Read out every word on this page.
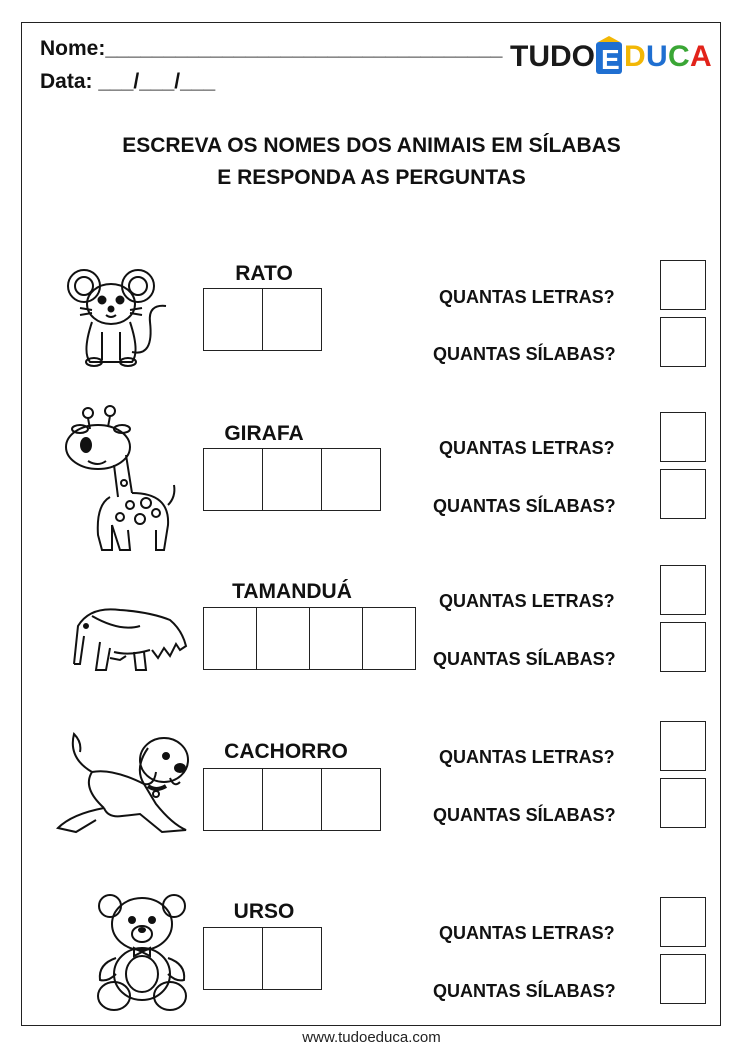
Nome:__________________________________
Data: ___/___/___
TUDO E D U C A
ESCREVA OS NOMES DOS ANIMAIS EM SÍLABAS
E RESPONDA AS PERGUNTAS
RATO
QUANTAS LETRAS?
QUANTAS SÍLABAS?
GIRAFA
QUANTAS LETRAS?
QUANTAS SÍLABAS?
TAMANDUÁ	QUANTAS LETRAS?
QUANTAS SÍLABAS?
CACHORRO	QUANTAS LETRAS?
QUANTAS SÍLABAS?
URSO
QUANTAS LETRAS?
QUANTAS SÍLABAS?
www.tudoeduca.com
